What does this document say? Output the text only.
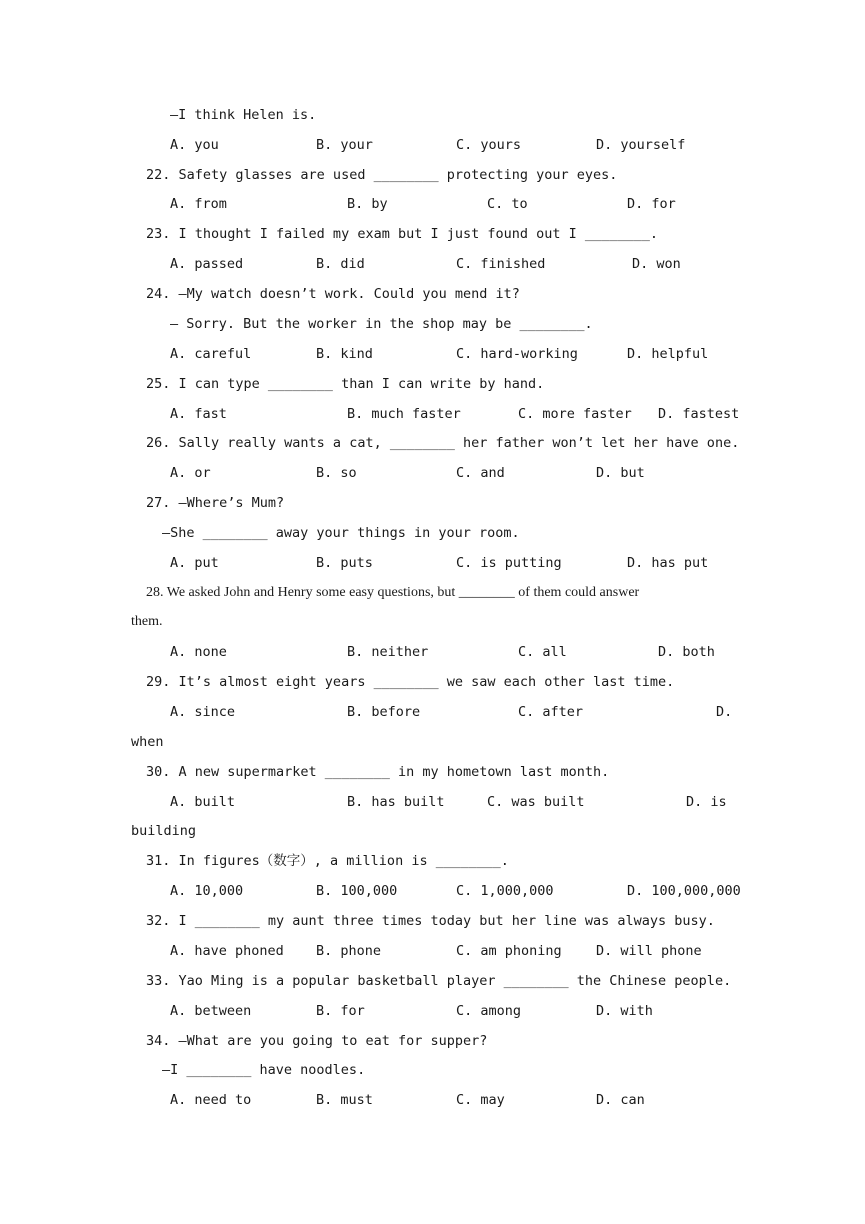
—I think Helen is.
A. you	B. your	C. yours	D. yourself
22. Safety glasses are used ________ protecting your eyes.
A. from	B. by	C. to	D. for
23. I thought I failed my exam but I just found out I ________.
A. passed	B. did	C. finished	D. won
24. —My watch doesn’t work. Could you mend it?
— Sorry. But the worker in the shop may be ________.
A. careful	B. kind	C. hard-working	D. helpful
25. I can type ________ than I can write by hand.
A. fast	B. much faster	C. more faster D. fastest
26. Sally really wants a cat, ________ her father won’t let her have one.
A. or	B. so	C. and	D. but
27. —Where’s Mum?
—She ________ away your things in your room.
A. put	B. puts	C. is putting	D. has put
28. We asked John and Henry some easy questions, but ________ of them could answer
them.
A. none	B. neither	C. all	D. both
29. It’s almost eight years ________ we saw each other last time.
A. since	B. before	C. after	D.
when
30. A new supermarket ________ in my hometown last month.
A. built	B. has built	C. was built	D. is
building
31. In figures（数字）, a million is ________.
A. 10,000	B. 100,000	C. 1,000,000	D. 100,000,000
32. I ________ my aunt three times today but her line was always busy.
A. have phoned B. phone	C. am phoning	D. will phone
33. Yao Ming is a popular basketball player ________ the Chinese people.
A. between	B. for	C. among	D. with
34. —What are you going to eat for supper?
—I ________ have noodles.
A. need to	B. must	C. may	D. can
